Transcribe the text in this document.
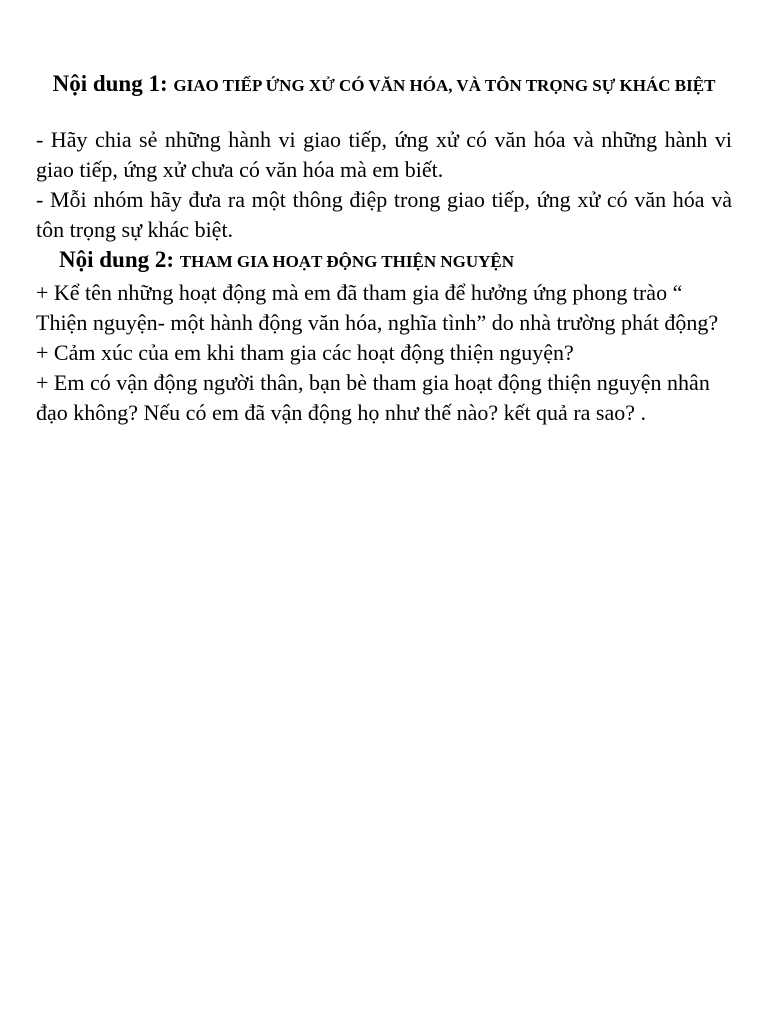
Nội dung 1: GIAO TIẾP ỨNG XỬ CÓ VĂN HÓA, VÀ TÔN TRỌNG SỰ KHÁC BIỆT

- Hãy chia sẻ những hành vi giao tiếp, ứng xử có văn hóa và những hành vi giao tiếp, ứng xử chưa có văn hóa mà em biết.

- Mỗi nhóm hãy đưa ra một thông điệp trong giao tiếp, ứng xử có văn hóa và tôn trọng sự khác biệt.

Nội dung 2: THAM GIA HOẠT ĐỘNG THIỆN NGUYỆN

+ Kể tên những hoạt động mà em đã tham gia để hưởng ứng phong trào “ Thiện nguyện- một hành động văn hóa, nghĩa tình” do nhà trường phát động?

+ Cảm xúc của em khi tham gia các hoạt động thiện nguyện?

+ Em có vận động người thân, bạn bè tham gia hoạt động thiện nguyện nhân đạo không? Nếu có em đã vận động họ như thế nào? kết quả ra sao? .
